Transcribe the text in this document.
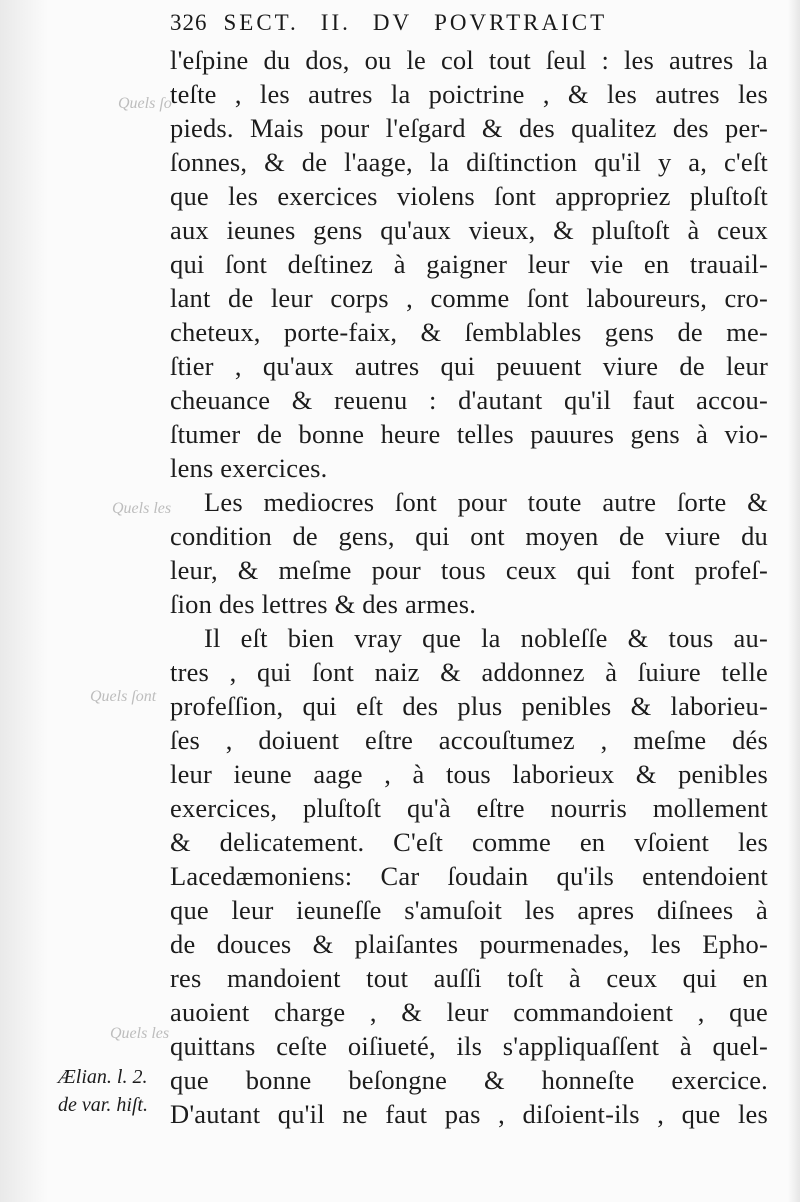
Quels ſo
Quels les
Quels ſont
Quels les
326 SECT. II. DV POVRTRAICT
l'eſpine du dos, ou le col tout ſeul : les autres la
teſte , les autres la poictrine , & les autres les
pieds. Mais pour l'eſgard & des qualitez des per-
ſonnes, & de l'aage, la diſtinction qu'il y a, c'eſt
que les exercices violens ſont appropriez pluſtoſt
aux ieunes gens qu'aux vieux, & pluſtoſt à ceux
qui ſont deſtinez à gaigner leur vie en trauail-
lant de leur corps , comme ſont laboureurs, cro-
cheteux, porte-faix, & ſemblables gens de me-
ſtier , qu'aux autres qui peuuent viure de leur
cheuance & reuenu : d'autant qu'il faut accou-
ſtumer de bonne heure telles pauures gens à vio-
lens exercices.
Les mediocres ſont pour toute autre ſorte &
condition de gens, qui ont moyen de viure du
leur, & meſme pour tous ceux qui font profeſ-
ſion des lettres & des armes.
Il eſt bien vray que la nobleſſe & tous au-
tres , qui ſont naiz & addonnez à ſuiure telle
profeſſion, qui eſt des plus penibles & laborieu-
ſes , doiuent eſtre accouſtumez , meſme dés
leur ieune aage , à tous laborieux & penibles
exercices, pluſtoſt qu'à eſtre nourris mollement
& delicatement. C'eſt comme en vſoient les
Lacedæmoniens: Car ſoudain qu'ils entendoient
que leur ieuneſſe s'amuſoit les apres diſnees à
de douces & plaiſantes pourmenades, les Epho-
res mandoient tout auſſi toſt à ceux qui en
auoient charge , & leur commandoient , que
quittans ceſte oiſiueté, ils s'appliquaſſent à quel-
que bonne beſongne & honneſte exercice.
D'autant qu'il ne faut pas , diſoient-ils , que les
Ælian. l. 2.
de var. hiſt.
